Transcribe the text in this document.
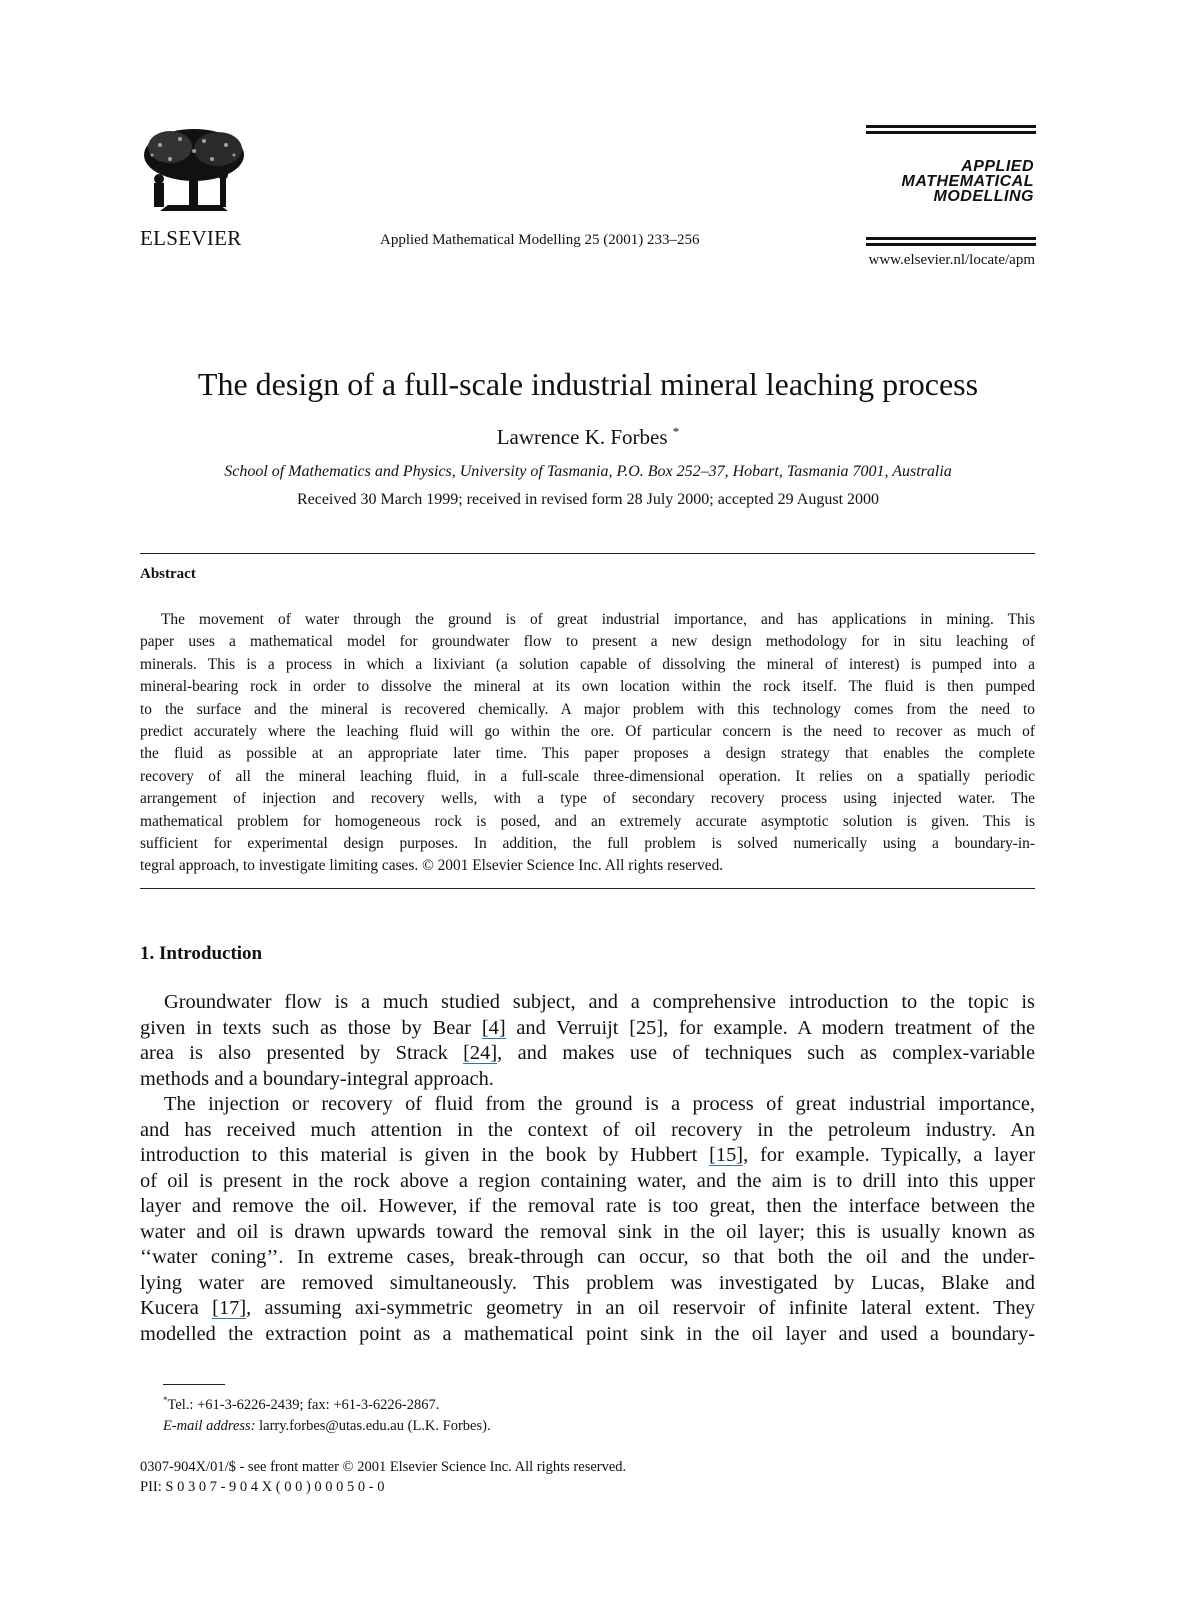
ELSEVIER	Applied Mathematical Modelling 25 (2001) 233–256
APPLIED
MATHEMATICAL
MODELLING
www.elsevier.nl/locate/apm
The design of a full-scale industrial mineral leaching process
Lawrence K. Forbes *
School of Mathematics and Physics, University of Tasmania, P.O. Box 252–37, Hobart, Tasmania 7001, Australia
Received 30 March 1999; received in revised form 28 July 2000; accepted 29 August 2000
Abstract
The movement of water through the ground is of great industrial importance, and has applications in mining. This
paper uses a mathematical model for groundwater flow to present a new design methodology for in situ leaching of
minerals. This is a process in which a lixiviant (a solution capable of dissolving the mineral of interest) is pumped into a
mineral-bearing rock in order to dissolve the mineral at its own location within the rock itself. The fluid is then pumped
to the surface and the mineral is recovered chemically. A major problem with this technology comes from the need to
predict accurately where the leaching fluid will go within the ore. Of particular concern is the need to recover as much of
the fluid as possible at an appropriate later time. This paper proposes a design strategy that enables the complete
recovery of all the mineral leaching fluid, in a full-scale three-dimensional operation. It relies on a spatially periodic
arrangement of injection and recovery wells, with a type of secondary recovery process using injected water. The
mathematical problem for homogeneous rock is posed, and an extremely accurate asymptotic solution is given. This is
sufficient for experimental design purposes. In addition, the full problem is solved numerically using a boundary-in-
tegral approach, to investigate limiting cases. © 2001 Elsevier Science Inc. All rights reserved.
1. Introduction
Groundwater flow is a much studied subject, and a comprehensive introduction to the topic is
given in texts such as those by Bear [4] and Verruijt [25], for example. A modern treatment of the
area is also presented by Strack [24], and makes use of techniques such as complex-variable
methods and a boundary-integral approach.
The injection or recovery of fluid from the ground is a process of great industrial importance,
and has received much attention in the context of oil recovery in the petroleum industry. An
introduction to this material is given in the book by Hubbert [15], for example. Typically, a layer
of oil is present in the rock above a region containing water, and the aim is to drill into this upper
layer and remove the oil. However, if the removal rate is too great, then the interface between the
water and oil is drawn upwards toward the removal sink in the oil layer; this is usually known as
‘‘water coning’’. In extreme cases, break-through can occur, so that both the oil and the under-
lying water are removed simultaneously. This problem was investigated by Lucas, Blake and
Kucera [17], assuming axi-symmetric geometry in an oil reservoir of infinite lateral extent. They
modelled the extraction point as a mathematical point sink in the oil layer and used a boundary-
*Tel.: +61-3-6226-2439; fax: +61-3-6226-2867.
E-mail address: larry.forbes@utas.edu.au (L.K. Forbes).
0307-904X/01/$ - see front matter © 2001 Elsevier Science Inc. All rights reserved.
PII: S 0 3 0 7 - 9 0 4 X ( 0 0 ) 0 0 0 5 0 - 0
